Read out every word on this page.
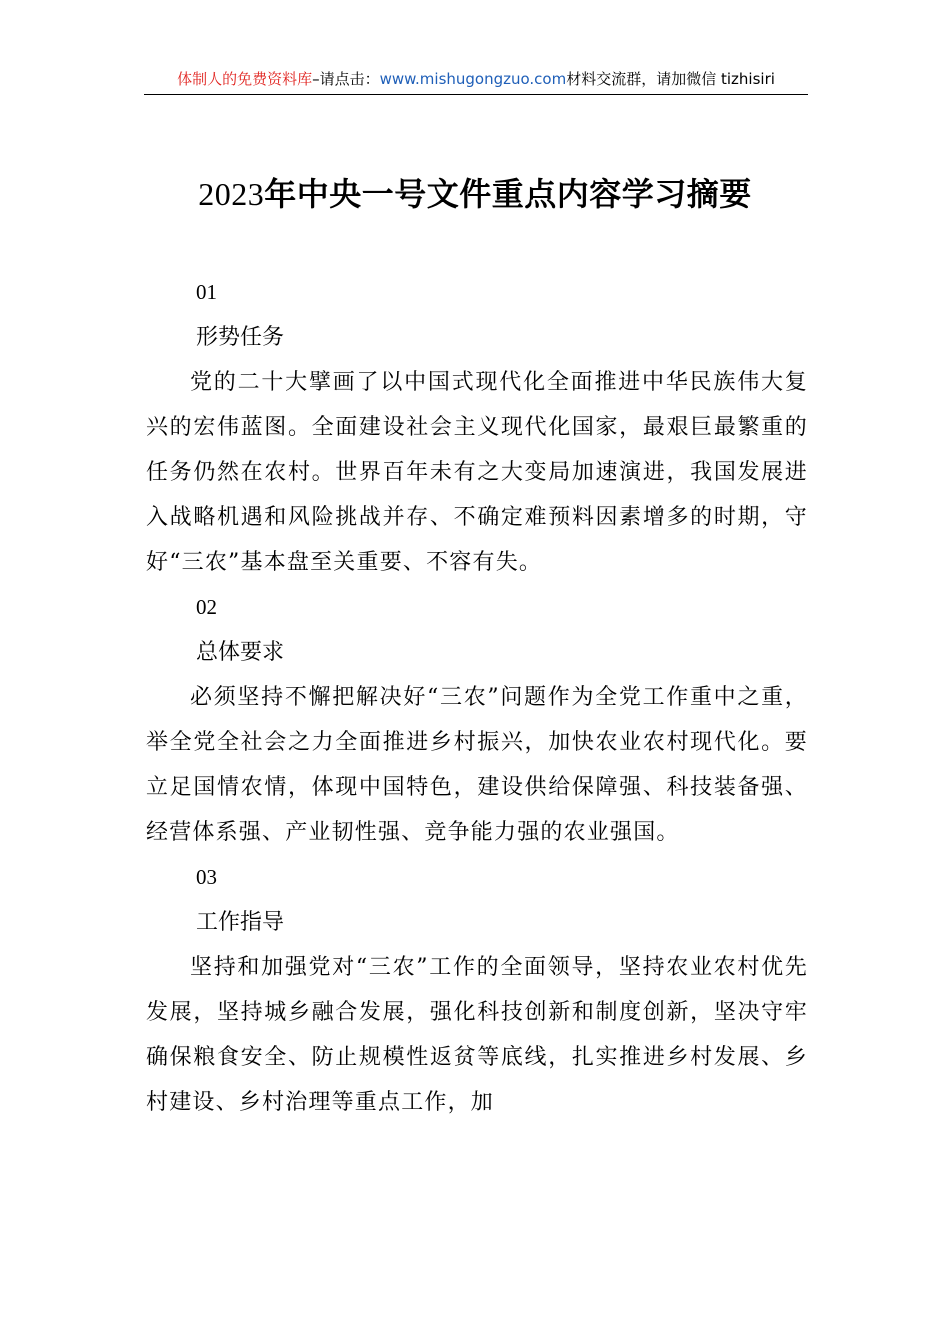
体制人的免费资料库–请点击：www.mishugongzuo.com材料交流群，请加微信 tizhisiri
2023年中央一号文件重点内容学习摘要
01
形势任务

党的二十大擘画了以中国式现代化全面推进中华民族伟大复兴的宏伟蓝图。全面建设社会主义现代化国家，最艰巨最繁重的任务仍然在农村。世界百年未有之大变局加速演进，我国发展进入战略机遇和风险挑战并存、不确定难预料因素增多的时期，守好“三农”基本盘至关重要、不容有失。

02
总体要求

必须坚持不懈把解决好“三农”问题作为全党工作重中之重，举全党全社会之力全面推进乡村振兴，加快农业农村现代化。要立足国情农情，体现中国特色，建设供给保障强、科技装备强、经营体系强、产业韧性强、竞争能力强的农业强国。

03
工作指导

坚持和加强党对“三农”工作的全面领导，坚持农业农村优先发展，坚持城乡融合发展，强化科技创新和制度创新，坚决守牢确保粮食安全、防止规模性返贫等底线，扎实推进乡村发展、乡村建设、乡村治理等重点工作，加
